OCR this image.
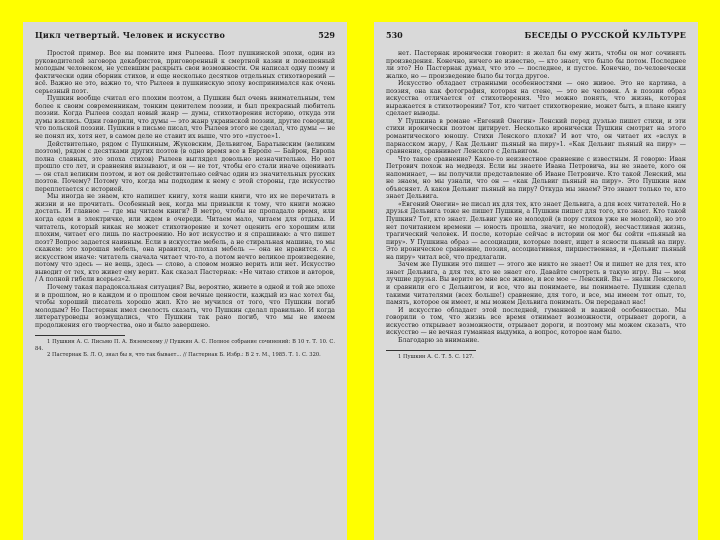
Цикл четвертый. Человек и искусство	529

Простой пример. Все вы помните имя Рылеева. Поэт пушкинской эпохи, один из руководителей заговора декабристов, приговоренный к смертной казни и повешенный молодым человеком, не успевшим раскрыть свои возможности. Он написал одну поэму и фактически один сборник стихов, и еще несколько десятков отдельных стихотворений — всё. Важно не это, важно то, что Рылеев в пушкинскую эпоху воспринимался как очень серьезный поэт.

Пушкин вообще считал его плохим поэтом, а Пушкин был очень внимательным, тем более к своим современникам, тонким ценителем поэзии, и был прекрасный любитель поэзии. Когда Рылеев создал новый жанр — думы, стихотворения историю, откуда эти думы взялись. Одни говорили, что думы — это жанр украинской поэзии, другие говорили, что польской поэзии. Пушкин в письме писал, что Рылеев этого не сделал, что думы — не не понял их, хотя нет, в самом деле не ставит их выше, что это «пустое»1.

Действительно, рядом с Пушкиным, Жуковским, Дельвигом, Баратынским (великим поэтом), рядом с десятками других поэтов (в одно время все в Европе — Байрон, Европа полна славных, это эпоха стихов) Рылеев выглядел довольно незначительно. Но вот прошло сто лет, и сравнения вызывают, и он — не тот, чтобы его стали иначе оценивать — он стал великим поэтом, и вот он действительно сейчас один из значительных русских поэтов. Почему? Потому что, когда мы подходим к нему с этой стороны, где искусство переплетается с историей.

Мы иногда не знаем, кто напишет книгу, хотя наши книги, что их не перечитать в жизни и не прочитать. Особенный век, когда мы привыкли к тому, что книги можно достать. И главное — где мы читаем книги? В метро, чтобы не пропадало время, или когда едем в электричке, или ждем в очереди. Читаем мало, читаем для отдыха. И читатель, который никак не может стихотворение и хочет оценить его хорошим или плохим, читает его лишь по настроению. Но вот искусство и я спрашиваю: а что пишет поэт? Вопрос задается наивным. Если в искусстве мебель, а не стиральная машина, то мы скажем: это хорошая мебель, она нравится, плохая мебель — она не нравится. А с искусством иначе: читатель сначала читает что-то, а потом нечто великое произведение, потому что здесь — не вещь, здесь — слово, а словом можно верить или нет. Искусство выводит от тех, кто живет ему верит. Как сказал Пастернак: «Не читаю стихов и авторов, / А полной гибели всерьез»2.

Почему такая парадоксальная ситуация? Вы, вероятно, живете в одной и той же эпохе и в прошлом, но в каждом и о прошлом свои вечные ценности, каждый из нас хотел бы, чтобы хороший писатель хорошо жил. Кто не мучился от того, что Пушкин погиб молодым? Но Пастернак имел смелость сказать, что Пушкин сделал правильно. И когда литературоведы возмущались, что Пушкин так рано погиб, что мы не имеем продолжения его творчества, оно и было завершено.

1 Пушкин А. С. Письмо П. А. Вяземскому // Пушкин А. С. Полное собрание сочинений: В 10 т. Т. 10. С. 84.

2 Пастернак Б. Л. О, знал бы я, что так бывает... // Пастернак Б. Избр.: В 2 т. М., 1985. Т. 1. С. 320.

530	БЕСЕДЫ О РУССКОЙ КУЛЬТУРЕ

нет. Пастернак иронически говорит: я желал бы ему жить, чтобы он мог сочинять произведения. Конечно, ничего не известно, — кто знает, что было бы потом. Последнее ли это? Но Пастернак думал, что это — последнее, и пустое. Конечно, по-человечески жалко, но — произведение было бы тогда другое.

Искусство обладает странными особенностями — оно живое. Это не картина, а поэзия, она как фотография, которая на стене, — это не человек. А в поэзии образ искусства отличается от стихотворения. Что можно понять, что жизнь, которая выражается в стихотворении? Тот, кто читает стихотворение, может быть, в плане книгу сделает выводы.

У Пушкина в романе «Евгений Онегин» Ленский перед дуэлью пишет стихи, и эти стихи иронически поэтом цитирует. Несколько иронически Пушкин смотрит на этого романтического юношу. Стихи Ленского плохи? И вот что, он читает их «вслух в парнасском жару, / Как Дельвиг пьяный на пиру»1. «Как Дельвиг пьяный на пиру» — сравнение, сравнивает Ленского с Дельвигом.

Что такое сравнение? Какое-то неизвестное сравнение с известным. Я говорю: Иван Петрович похож на медведя. Если вы знаете Ивана Петровича, вы не знаете, кого он напоминает, — вы получили представление об Иване Петровиче. Кто такой Ленский, мы не знаем, но мы узнали, что он — «как Дельвиг пьяный на пиру». Это Пушкин нам объясняет. А каков Дельвиг пьяный на пиру? Откуда мы знаем? Это знают только те, кто знает Дельвига.

«Евгений Онегин» не писал их для тех, кто знает Дельвига, а для всех читателей. Но в друзья Дельвига тоже не пишет Пушкин, а Пушкин пишет для того, кто знает. Кто такой Пушкин? Тот, кто знает. Дельвиг уже не молодой (в пору стихов уже не молодой), но это нет почитанием времени — юность прошла, значит, не молодой), несчастливая жизнь, трагический человек. И после, которые сейчас в истории он мог бы сойти «пьяный на пиру». У Пушкина образ — ассоциации, которые ловят, ищет в ясности пьяный на пиру. Это ироническое сравнение, поэзия, ассоциативная, пиршественная, и «Дельвиг пьяный на пиру» читал всё, что предлагали.

Зачем же Пушкин это пишет — этого же никто не знает! Он и пишет не для тех, кто знает Дельвига, а для тех, кто не знает его. Давайте смотреть в такую игру. Вы — мои лучшие друзья. Вы верите во мне все живое, и все мое — Ленский. Вы — знали Ленского, и сравнили его с Дельвигом, и все, что вы понимаете, вы понимаете. Пушкин сделал такими читателями (всех больше!) сравнение, для того, и все, мы имеем тот опыт, то, память, которое он имеет, и мы можем Дельвига понимать. Он передавал нас!

И искусство обладает этой последней, гуманной и важной особенностью. Мы говорили о том, что жизнь все время отнимает возможности, отрывает дороги, а искусство открывает возможности, отрывает дороги, и поэтому мы можем сказать, что искусство — не вечная гуманная выдумка, а вопрос, которое нам было.

Благодарю за внимание.

1 Пушкин А. С. Т. 5. С. 127.
